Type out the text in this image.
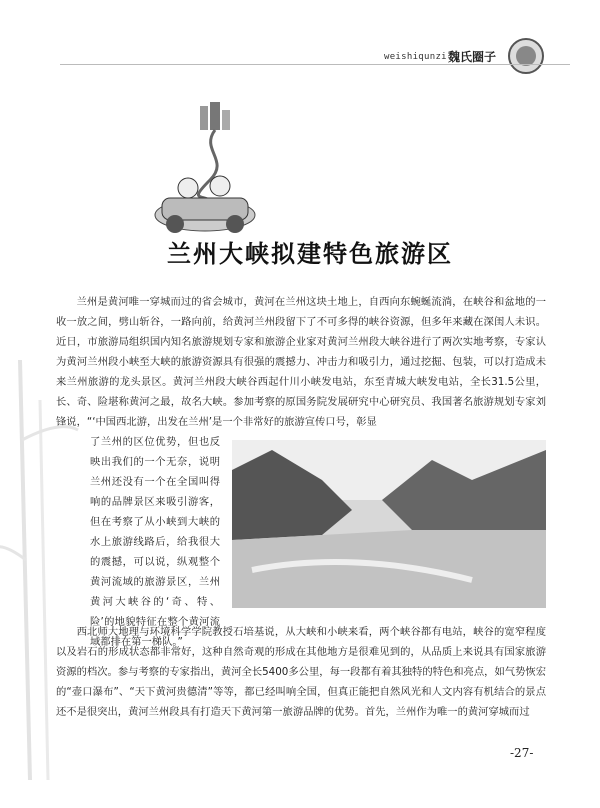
weishiqunzi 魏氏圈子
兰州大峡拟建特色旅游区
兰州是黄河唯一穿城而过的省会城市，黄河在兰州这块土地上，自西向东蜿蜒流淌，在峡谷和盆地的一收一放之间，劈山斩谷，一路向前，给黄河兰州段留下了不可多得的峡谷资源，但多年来藏在深闺人未识。近日，市旅游局组织国内知名旅游规划专家和旅游企业家对黄河兰州段大峡谷进行了两次实地考察，专家认为黄河兰州段小峡至大峡的旅游资源具有很强的震撼力、冲击力和吸引力，通过挖掘、包装，可以打造成未来兰州旅游的龙头景区。黄河兰州段大峡谷西起什川小峡发电站，东至青城大峡发电站，全长31.5公里，长、奇、险堪称黄河之最，故名大峡。参加考察的原国务院发展研究中心研究员、我国著名旅游规划专家刘锋说，“‘中国西北游，出发在兰州’是一个非常好的旅游宣传口号，彰显
了兰州的区位优势，但也反映出我们的一个无奈，说明兰州还没有一个在全国叫得响的品牌景区来吸引游客，但在考察了从小峡到大峡的水上旅游线路后，给我很大的震撼，可以说，纵观整个黄河流域的旅游景区，兰州黄河大峡谷的‘奇、特、险’的地貌特征在整个黄河流域都排在第一梯队。”
西北师大地理与环境科学学院教授石培基说，从大峡和小峡来看，两个峡谷都有电站，峡谷的宽窄程度以及岩石的形成状态都非常好，这种自然奇观的形成在其他地方是很难见到的，从品质上来说具有国家旅游资源的档次。参与考察的专家指出，黄河全长5400多公里，每一段都有着其独特的特色和亮点，如气势恢宏的“壶口瀑布”、“天下黄河贵德清”等等，都已经叫响全国，但真正能把自然风光和人文内容有机结合的景点还不是很突出，黄河兰州段具有打造天下黄河第一旅游品牌的优势。首先，兰州作为唯一的黄河穿城而过
-27-
